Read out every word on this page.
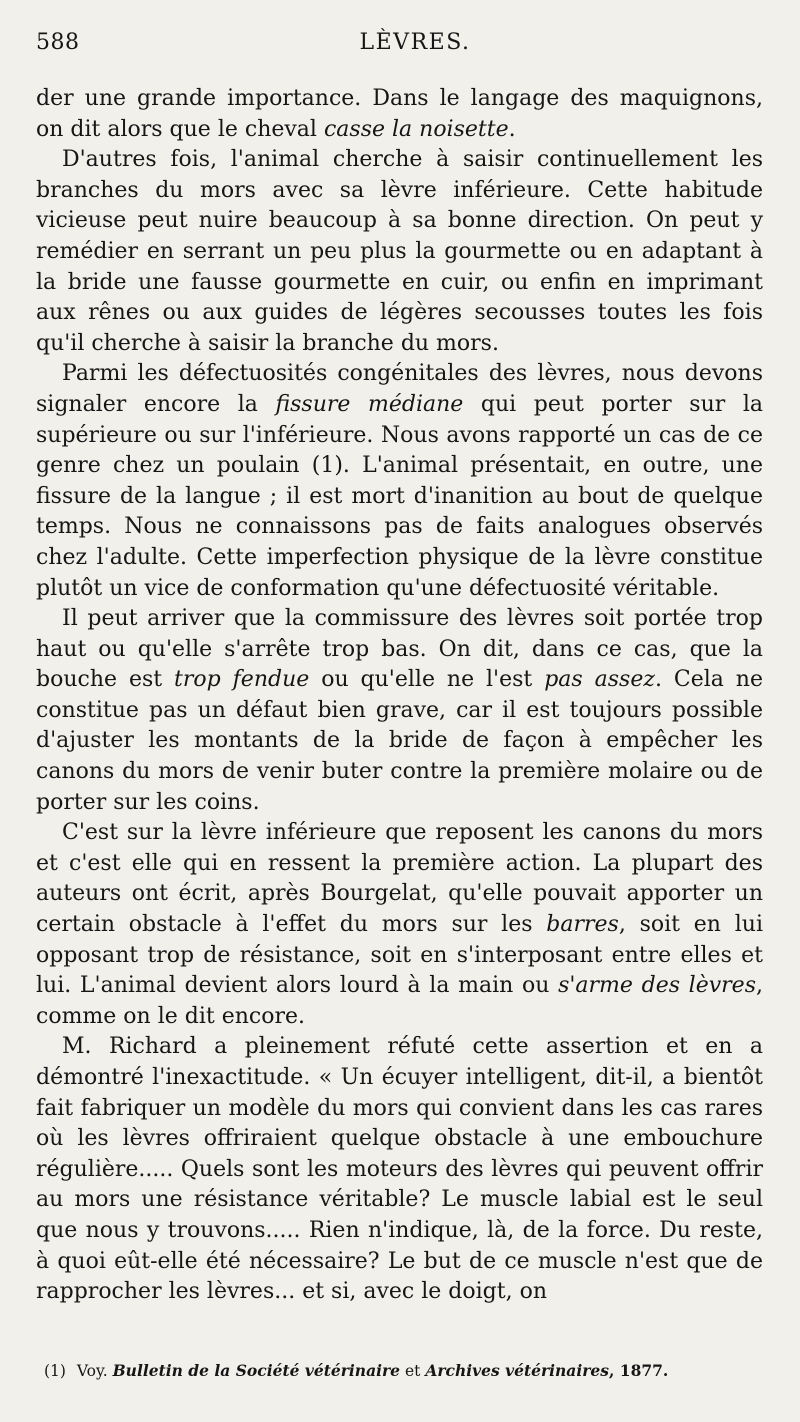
588	LÈVRES.

der une grande importance. Dans le langage des maquignons, on dit alors que le cheval casse la noisette.

D'autres fois, l'animal cherche à saisir continuellement les branches du mors avec sa lèvre inférieure. Cette habitude vicieuse peut nuire beaucoup à sa bonne direction. On peut y remédier en serrant un peu plus la gourmette ou en adaptant à la bride une fausse gourmette en cuir, ou enfin en imprimant aux rênes ou aux guides de légères secousses toutes les fois qu'il cherche à saisir la branche du mors.

Parmi les défectuosités congénitales des lèvres, nous devons signaler encore la fissure médiane qui peut porter sur la supérieure ou sur l'inférieure. Nous avons rapporté un cas de ce genre chez un poulain (1). L'animal présentait, en outre, une fissure de la langue ; il est mort d'inanition au bout de quelque temps. Nous ne connaissons pas de faits analogues observés chez l'adulte. Cette imperfection physique de la lèvre constitue plutôt un vice de conformation qu'une défectuosité véritable.

Il peut arriver que la commissure des lèvres soit portée trop haut ou qu'elle s'arrête trop bas. On dit, dans ce cas, que la bouche est trop fendue ou qu'elle ne l'est pas assez. Cela ne constitue pas un défaut bien grave, car il est toujours possible d'ajuster les montants de la bride de façon à empêcher les canons du mors de venir buter contre la première molaire ou de porter sur les coins.

C'est sur la lèvre inférieure que reposent les canons du mors et c'est elle qui en ressent la première action. La plupart des auteurs ont écrit, après Bourgelat, qu'elle pouvait apporter un certain obstacle à l'effet du mors sur les barres, soit en lui opposant trop de résistance, soit en s'interposant entre elles et lui. L'animal devient alors lourd à la main ou s'arme des lèvres, comme on le dit encore.

M. Richard a pleinement réfuté cette assertion et en a démontré l'inexactitude. « Un écuyer intelligent, dit-il, a bientôt fait fabriquer un modèle du mors qui convient dans les cas rares où les lèvres offriraient quelque obstacle à une embouchure régulière..... Quels sont les moteurs des lèvres qui peuvent offrir au mors une résistance véritable? Le muscle labial est le seul que nous y trouvons..... Rien n'indique, là, de la force. Du reste, à quoi eût-elle été nécessaire? Le but de ce muscle n'est que de rapprocher les lèvres... et si, avec le doigt, on

(1) Voy. Bulletin de la Société vétérinaire et Archives vétérinaires, 1877.
